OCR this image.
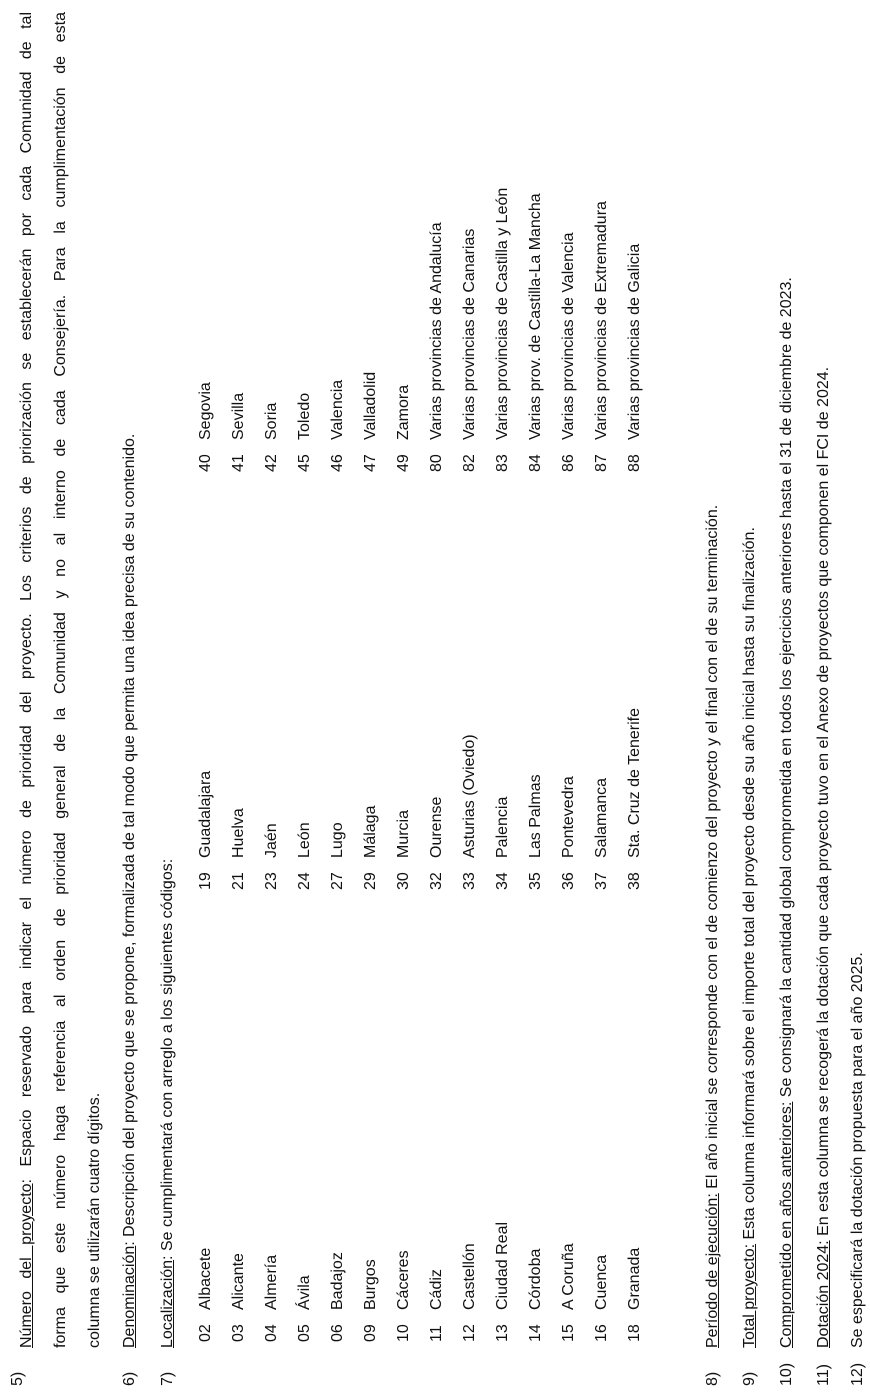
5)
Número del proyecto: Espacio reservado para indicar el número de prioridad del proyecto. Los criterios de priorización se establecerán por cada Comunidad de tal	forma que este número haga referencia al orden de prioridad general de la Comunidad y no al interno de cada Consejería. Para la cumplimentación de esta	columna se utilizarán cuatro dígitos.
6)
Denominación: Descripción del proyecto que se propone, formalizada de tal modo que permita una idea precisa de su contenido.
7)
Localización: Se cumplimentará con arreglo a los siguientes códigos:
02
Albacete
03
Alicante
04
Almería
05
Ávila
06
Badajoz
09
Burgos
10
Cáceres
11
Cádiz
12
Castellón
13
Ciudad Real
14
Córdoba
15
A Coruña
16
Cuenca
18
Granada
19
Guadalajara
21
Huelva
23
Jaén
24
León
27
Lugo
29
Málaga
30
Murcia
32
Ourense
33
Asturias (Oviedo)
34
Palencia
35
Las Palmas
36
Pontevedra
37
Salamanca
38
Sta. Cruz de Tenerife
40
Segovia
41
Sevilla
42
Soria
45
Toledo
46
Valencia
47
Valladolid
49
Zamora
80
Varias provincias de Andalucía
82
Varias provincias de Canarias
83
Varias provincias de Castilla y León
84
Varias prov. de Castilla-La Mancha
86
Varias provincias de Valencia
87
Varias provincias de Extremadura
88
Varias provincias de Galicia
8)
Período de ejecución: El año inicial se corresponde con el de comienzo del proyecto y el final con el de su terminación.
9)
Total proyecto: Esta columna informará sobre el importe total del proyecto desde su año inicial hasta su finalización.
10)
Comprometido en años anteriores: Se consignará la cantidad global comprometida en todos los ejercicios anteriores hasta el 31 de diciembre de 2023.
11)
Dotación 2024: En esta columna se recogerá la dotación que cada proyecto tuvo en el Anexo de proyectos que componen el FCI de 2024.
12)
Se especificará la dotación propuesta para el año 2025.
